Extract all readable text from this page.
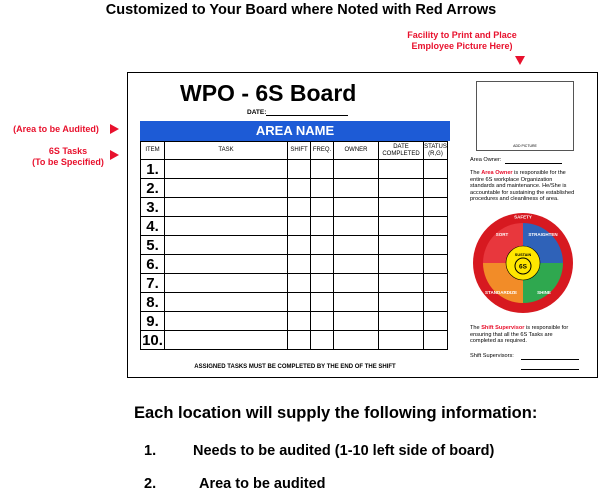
Customized to Your Board where Noted with Red Arrows
Facility to Print and Place
Employee Picture Here)
(Area to be Audited)
6S Tasks
(To be Specified)
WPO - 6S Board
DATE:
AREA NAME
ITEM	TASK	SHIFT	FREQ.	OWNER	DATE COMPLETED	STATUS (R,G)
1.						
2.						
3.						
4.						
5.						
6.						
7.						
8.						
9.						
10.						
ASSIGNED TASKS MUST BE COMPLETED BY THE END OF THE SHIFT
ADD PICTURE
Area Owner:
The Area Owner is responsible for the entire 6S workplace Organization standards and maintenance. He/She is accountable for sustaining the established procedures and cleanliness of area.
SAFETY
SORT	STRAIGHTEN
SHINE
STANDARDIZE
SUSTAIN
6S
The Shift Supervisor is responsible for ensuring that all the 6S Tasks are completed as required.
Shift Supervisors:
Each location will supply the following information:
1.	Needs to be audited (1-10 left side of board)
2.	Area to be audited
